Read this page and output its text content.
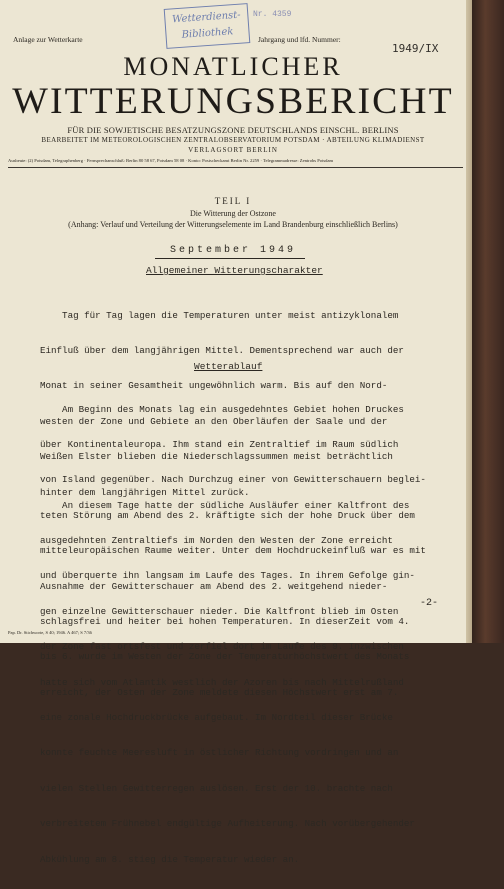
Anlage zur Wetterkarte
Wetterdienst-
Bibliothek
Nr. 4359
Jahrgang und lfd. Nummer:
1949/IX
MONATLICHER
WITTERUNGSBERICHT
FÜR DIE SOWJETISCHE BESATZUNGSZONE DEUTSCHLANDS EINSCHL. BERLINS
BEARBEITET IM METEOROLOGISCHEN ZENTRALOBSERVATORIUM POTSDAM · ABTEILUNG KLIMADIENST
VERLAGSORT BERLIN
Ausbeute: (2) Potsdam, Telegraphenberg · Fernsprechanschluß: Berlin 80 58 67, Potsdam 58 08 · Konto: Postscheckamt Berlin Nr. 2259 · Telegrammadresse: Zentrobs Potsdam
TEIL I
Die Witterung der Ostzone
(Anhang: Verlauf und Verteilung der Witterungselemente im Land Brandenburg einschließlich Berlins)
September 1949
Allgemeiner Witterungscharakter

Tag für Tag lagen die Temperaturen unter meist antizyklonalem

Einfluß über dem langjährigen Mittel. Dementsprechend war auch der

Monat in seiner Gesamtheit ungewöhnlich warm. Bis auf den Nord-

westen der Zone und Gebiete an den Oberläufen der Saale und der

Weißen Elster blieben die Niederschlagssummen meist beträchtlich

hinter dem langjährigen Mittel zurück.

Wetterablauf

Am Beginn des Monats lag ein ausgedehntes Gebiet hohen Druckes

über Kontinentaleuropa. Ihm stand ein Zentraltief im Raum südlich

von Island gegenüber. Nach Durchzug einer von Gewitterschauern beglei-

teten Störung am Abend des 2. kräftigte sich der hohe Druck über dem

mitteleuropäischen Raume weiter. Unter dem Hochdruckeinfluß war es mit

Ausnahme der Gewitterschauer am Abend des 2. weitgehend nieder-

schlagsfrei und heiter bei hohen Temperaturen. In dieserZeit vom 4.

bis 6. wurde im Westen der Zone der Temperaturhöchstwert des Monats

erreicht, der Osten der Zone meldete diesen Höchstwert erst am 7.

An diesem Tage hatte der südliche Ausläufer einer Kaltfront des

ausgedehnten Zentraltiefs im Norden den Westen der Zone erreicht

und überquerte ihn langsam im Laufe des Tages. In ihrem Gefolge gin-

gen einzelne Gewitterschauer nieder. Die Kaltfront blieb im Osten

der Zone fast ortsfest und zerfiel dort im Laufe des 9. Inzwischen

hatte sich vom Atlantik westlich der Azoren bis nach Mittelrußland

eine zonale Hochdruckbrücke aufgebaut. Im Nordteil dieser Brücke

konnte feuchte Meeresluft in östlicher Richtung vordringen und an

vielen Stellen Gewitterregen auslösen. Erst der 10. brachte nach

verbreitetem Frühnebel endgültige Aufheiterung. Nach vorübergehender

Abkühlung am 8. stieg die Temperatur wieder an.

-2-
Pap. Dr. Stichworte, S 40; 1946. A 467; S 7/36
